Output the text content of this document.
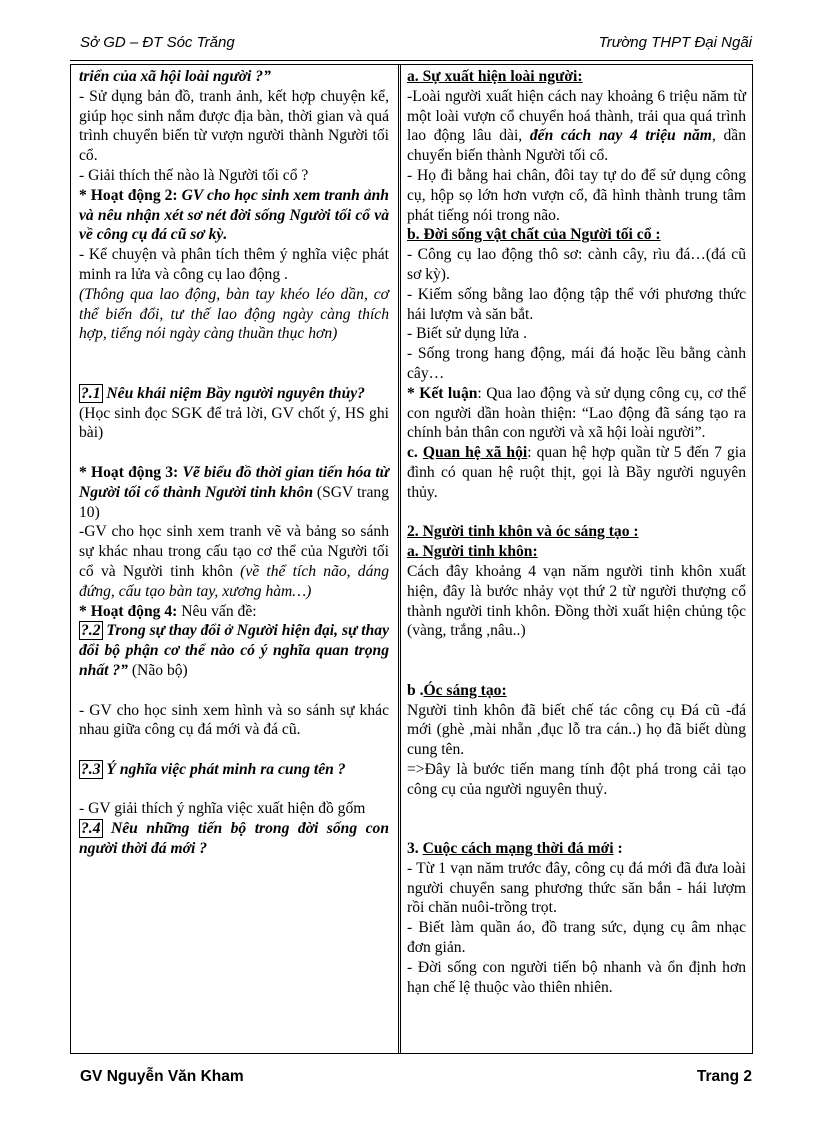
Sở GD – ĐT Sóc Trăng	Trường THPT Đại Ngãi

triển của xã hội loài người ?”

- Sử dụng bản đồ, tranh ảnh, kết hợp chuyện kể, giúp học sinh nắm được địa bàn, thời gian và quá trình chuyển biến từ vượn người thành Người tối cổ.

- Giải thích thế nào là Người tối cổ ?

* Hoạt động 2: GV cho học sinh xem tranh ảnh và nêu nhận xét sơ nét đời sống Người tối cổ và về công cụ đá cũ sơ kỳ.

- Kể chuyện và phân tích thêm ý nghĩa việc phát minh ra lửa và công cụ lao động .

(Thông qua lao động, bàn tay khéo léo dần, cơ thể biến đổi, tư thế lao động ngày càng thích hợp, tiếng nói ngày càng thuần thục hơn)

?.1 Nêu khái niệm Bầy người nguyên thủy?

(Học sinh đọc SGK để trả lời, GV chốt ý, HS ghi bài)

* Hoạt động 3: Vẽ biểu đồ thời gian tiến hóa từ Người tối cổ thành Người tinh khôn (SGV trang 10)

-GV cho học sinh xem tranh vẽ và bảng so sánh sự khác nhau trong cấu tạo cơ thể của Người tối cổ và Người tinh khôn (về thể tích não, dáng đứng, cấu tạo bàn tay, xương hàm…)

* Hoạt động 4: Nêu vấn đề:

?.2 Trong sự thay đổi ở Người hiện đại, sự thay đổi bộ phận cơ thể nào có ý nghĩa quan trọng nhất ?” (Não bộ)

- GV cho học sinh xem hình và so sánh sự khác nhau giữa công cụ đá mới và đá cũ.

?.3 Ý nghĩa việc phát minh ra cung tên ?

- GV giải thích ý nghĩa việc xuất hiện đồ gốm

?.4 Nêu những tiến bộ trong đời sống con người thời đá mới ?

a. Sự xuất hiện loài người:

-Loài người xuất hiện cách nay khoảng 6 triệu năm từ một loài vượn cổ chuyển hoá thành, trải qua quá trình lao động lâu dài, đến cách nay 4 triệu năm, dần chuyển biến thành Người tối cổ.

- Họ đi bằng hai chân, đôi tay tự do để sử dụng công cụ, hộp sọ lớn hơn vượn cổ, đã hình thành trung tâm phát tiếng nói trong não.

b. Đời sống vật chất của Người tối cổ :

- Công cụ lao động thô sơ: cành cây, rìu đá…(đá cũ sơ kỳ).

- Kiếm sống bằng lao động tập thể với phương thức hái lượm và săn bắt.

- Biết sử dụng lửa .

- Sống trong hang động, mái đá hoặc lều bằng cành cây…

* Kết luận: Qua lao động và sử dụng công cụ, cơ thể con người dần hoàn thiện: “Lao động đã sáng tạo ra chính bản thân con người và xã hội loài người”.

c. Quan hệ xã hội: quan hệ hợp quần từ 5 đến 7 gia đình có quan hệ ruột thịt, gọi là Bầy người nguyên thủy.

2. Người tinh khôn và óc sáng tạo :

a. Người tinh khôn:

Cách đây khoảng 4 vạn năm người tinh khôn xuất hiện, đây là bước nhảy vọt thứ 2 từ người thượng cổ thành người tinh khôn. Đồng thời xuất hiện chủng tộc (vàng, trắng ,nâu..)

b .Óc sáng tạo:

Người tinh khôn đã biết chế tác công cụ Đá cũ -đá mới (ghè ,mài nhẵn ,đục lỗ tra cán..) họ đã biết dùng cung tên.

=>Đây là bước tiến mang tính đột phá trong cải tạo công cụ của người nguyên thuỷ.

3. Cuộc cách mạng thời đá mới :

- Từ 1 vạn năm trước đây, công cụ đá mới đã đưa loài người chuyển sang phương thức săn bắn - hái lượm rồi chăn nuôi-trồng trọt.

- Biết làm quần áo, đồ trang sức, dụng cụ âm nhạc đơn giản.

- Đời sống con người tiến bộ nhanh và ổn định hơn hạn chế lệ thuộc vào thiên nhiên.

GV Nguyễn Văn Kham	Trang 2
